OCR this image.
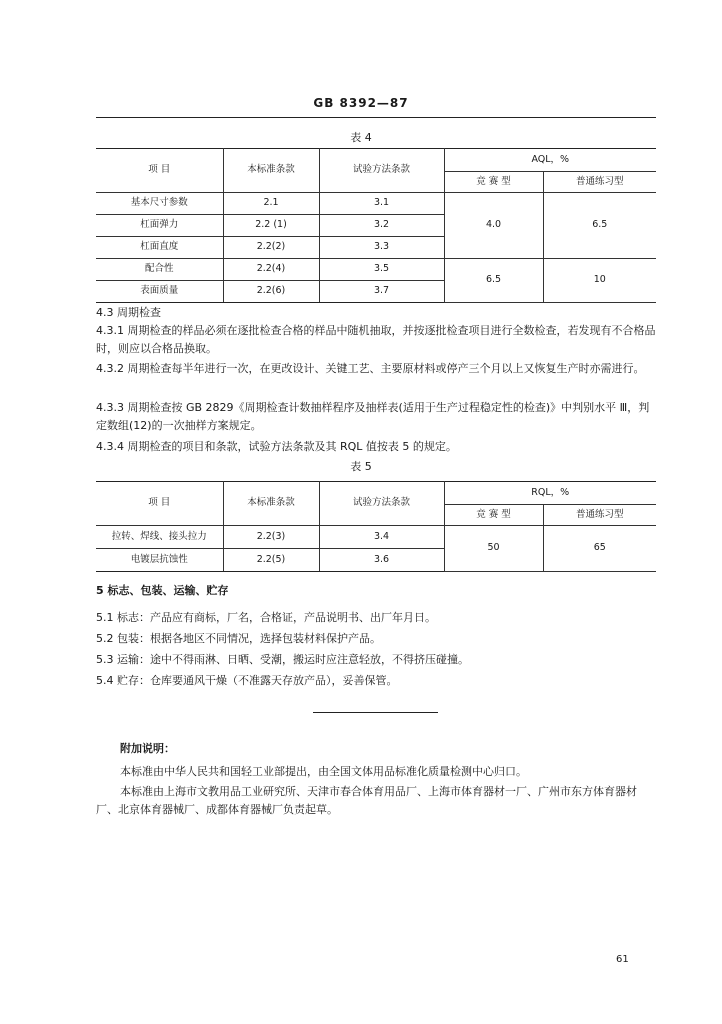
GB 8392—87
表 4
项 目	本标准条款	试验方法条款	AQL，%	
			竞 赛 型	普通练习型
基本尺寸参数	2.1	3.1	4.0	6.5
杠面弹力	2.2 (1)	3.2		
杠面直度	2.2(2)	3.3		
配合性	2.2(4)	3.5	6.5	10
表面质量	2.2(6)	3.7		
4.3 周期检查
4.3.1 周期检查的样品必须在逐批检查合格的样品中随机抽取，并按逐批检查项目进行全数检查，若发现有不合格品时，则应以合格品换取。
4.3.2 周期检查每半年进行一次，在更改设计、关键工艺、主要原材料或停产三个月以上又恢复生产时亦需进行。
4.3.3 周期检查按 GB 2829《周期检查计数抽样程序及抽样表(适用于生产过程稳定性的检查)》中判别水平 Ⅲ，判定数组(12)的一次抽样方案规定。
4.3.4 周期检查的项目和条款，试验方法条款及其 RQL 值按表 5 的规定。
表 5
项 目	本标准条款	试验方法条款	RQL，%	
			竞 赛 型	普通练习型
拉转、焊线、接头拉力	2.2(3)	3.4	50	65
电镀层抗蚀性	2.2(5)	3.6		
5 标志、包装、运输、贮存
5.1 标志：产品应有商标，厂名，合格证，产品说明书、出厂年月日。
5.2 包装：根据各地区不同情况，选择包装材料保护产品。
5.3 运输：途中不得雨淋、日晒、受潮，搬运时应注意轻放，不得挤压碰撞。
5.4 贮存：仓库要通风干燥（不准露天存放产品），妥善保管。
附加说明：
本标准由中华人民共和国轻工业部提出，由全国文体用品标准化质量检测中心归口。
本标准由上海市文教用品工业研究所、天津市春合体育用品厂、上海市体育器材一厂、广州市东方体育器材厂、北京体育器械厂、成都体育器械厂负责起草。
61
